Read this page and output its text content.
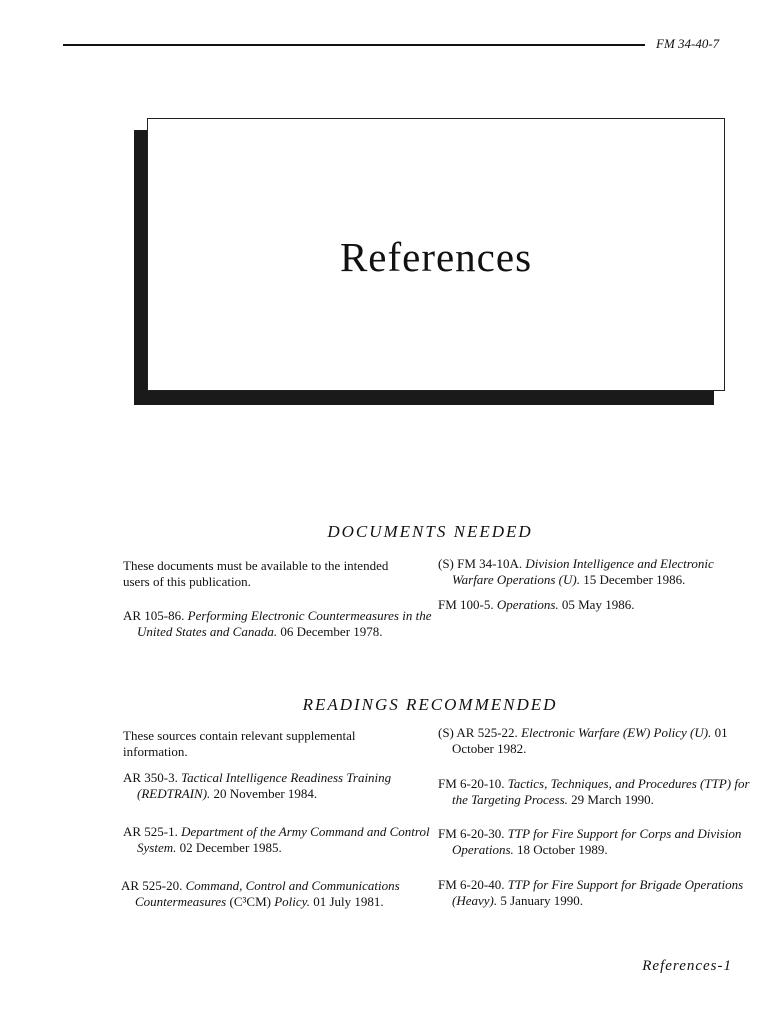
FM 34-40-7
References
DOCUMENTS NEEDED
These documents must be available to the intended users of this publication.
AR 105-86. Performing Electronic Countermeasures in the United States and Canada. 06 December 1978.
(S) FM 34-10A. Division Intelligence and Electronic Warfare Operations (U). 15 December 1986.
FM 100-5. Operations. 05 May 1986.
READINGS RECOMMENDED
These sources contain relevant supplemental information.
AR 350-3. Tactical Intelligence Readiness Training (REDTRAIN). 20 November 1984.
AR 525-1. Department of the Army Command and Control System. 02 December 1985.
AR 525-20. Command, Control and Communications Countermeasures (C³CM) Policy. 01 July 1981.
(S) AR 525-22. Electronic Warfare (EW) Policy (U). 01 October 1982.
FM 6-20-10. Tactics, Techniques, and Procedures (TTP) for the Targeting Process. 29 March 1990.
FM 6-20-30. TTP for Fire Support for Corps and Division Operations. 18 October 1989.
FM 6-20-40. TTP for Fire Support for Brigade Operations (Heavy). 5 January 1990.
References-1
